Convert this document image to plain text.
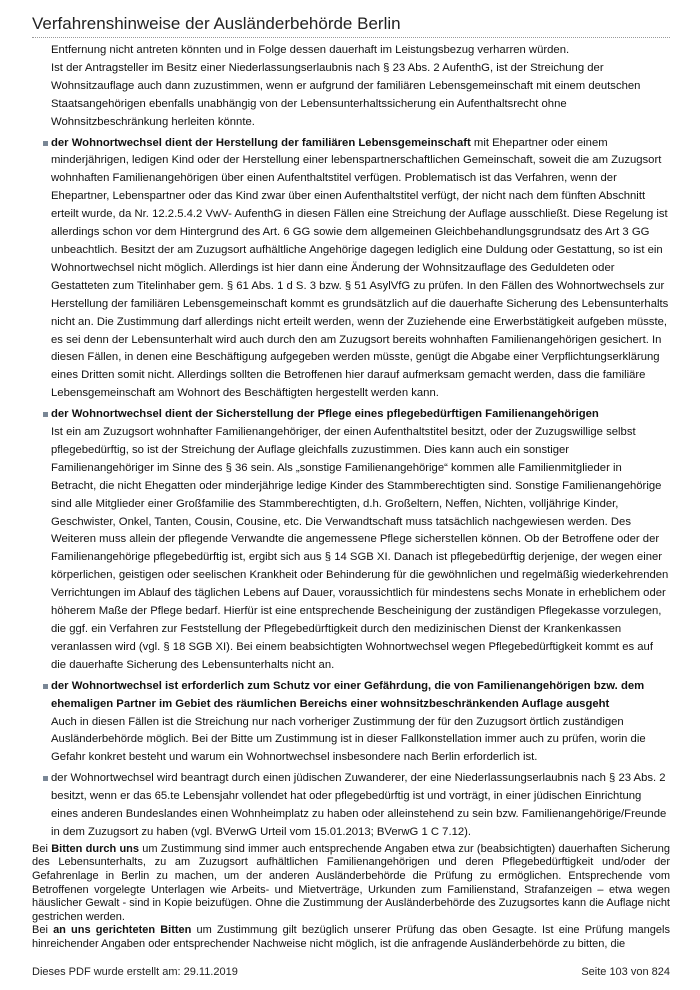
Verfahrenshinweise der Ausländerbehörde Berlin

Entfernung nicht antreten könnten und in Folge dessen dauerhaft im Leistungsbezug verharren würden.

Ist der Antragsteller im Besitz einer Niederlassungserlaubnis nach § 23 Abs. 2 AufenthG, ist der Streichung der Wohnsitzauflage auch dann zuzustimmen, wenn er aufgrund der familiären Lebensgemeinschaft mit einem deutschen Staatsangehörigen ebenfalls unabhängig von der Lebensunterhaltssicherung ein Aufenthaltsrecht ohne Wohnsitzbeschränkung herleiten könnte.

der Wohnortwechsel dient der Herstellung der familiären Lebensgemeinschaft mit Ehepartner oder einem minderjährigen, ledigen Kind oder der Herstellung einer lebenspartnerschaftlichen Gemeinschaft, soweit die am Zuzugsort wohnhaften Familienangehörigen über einen Aufenthaltstitel verfügen. Problematisch ist das Verfahren, wenn der Ehepartner, Lebenspartner oder das Kind zwar über einen Aufenthaltstitel verfügt, der nicht nach dem fünften Abschnitt erteilt wurde, da Nr. 12.2.5.4.2 VwV- AufenthG in diesen Fällen eine Streichung der Auflage ausschließt. Diese Regelung ist allerdings schon vor dem Hintergrund des Art. 6 GG sowie dem allgemeinen Gleichbehandlungsgrundsatz des Art 3 GG unbeachtlich. Besitzt der am Zuzugsort aufhältliche Angehörige dagegen lediglich eine Duldung oder Gestattung, so ist ein Wohnortwechsel nicht möglich. Allerdings ist hier dann eine Änderung der Wohnsitzauflage des Geduldeten oder Gestatteten zum Titelinhaber gem. § 61 Abs. 1 d S. 3 bzw. § 51 AsylVfG zu prüfen. In den Fällen des Wohnortwechsels zur Herstellung der familiären Lebensgemeinschaft kommt es grundsätzlich auf die dauerhafte Sicherung des Lebensunterhalts nicht an. Die Zustimmung darf allerdings nicht erteilt werden, wenn der Zuziehende eine Erwerbstätigkeit aufgeben müsste, es sei denn der Lebensunterhalt wird auch durch den am Zuzugsort bereits wohnhaften Familienangehörigen gesichert. In diesen Fällen, in denen eine Beschäftigung aufgegeben werden müsste, genügt die Abgabe einer Verpflichtungserklärung eines Dritten somit nicht. Allerdings sollten die Betroffenen hier darauf aufmerksam gemacht werden, dass die familiäre Lebensgemeinschaft am Wohnort des Beschäftigten hergestellt werden kann.

der Wohnortwechsel dient der Sicherstellung der Pflege eines pflegebedürftigen Familienangehörigen

Ist ein am Zuzugsort wohnhafter Familienangehöriger, der einen Aufenthaltstitel besitzt, oder der Zuzugswillige selbst pflegebedürftig, so ist der Streichung der Auflage gleichfalls zuzustimmen. Dies kann auch ein sonstiger Familienangehöriger im Sinne des § 36 sein. Als „sonstige Familienangehörige“ kommen alle Familienmitglieder in Betracht, die nicht Ehegatten oder minderjährige ledige Kinder des Stammberechtigten sind. Sonstige Familienangehörige sind alle Mitglieder einer Großfamilie des Stammberechtigten, d.h. Großeltern, Neffen, Nichten, volljährige Kinder, Geschwister, Onkel, Tanten, Cousin, Cousine, etc. Die Verwandtschaft muss tatsächlich nachgewiesen werden. Des Weiteren muss allein der pflegende Verwandte die angemessene Pflege sicherstellen können. Ob der Betroffene oder der Familienangehörige pflegebedürftig ist, ergibt sich aus § 14 SGB XI. Danach ist pflegebedürftig derjenige, der wegen einer körperlichen, geistigen oder seelischen Krankheit oder Behinderung für die gewöhnlichen und regelmäßig wiederkehrenden Verrichtungen im Ablauf des täglichen Lebens auf Dauer, voraussichtlich für mindestens sechs Monate in erheblichem oder höherem Maße der Pflege bedarf. Hierfür ist eine entsprechende Bescheinigung der zuständigen Pflegekasse vorzulegen, die ggf. ein Verfahren zur Feststellung der Pflegebedürftigkeit durch den medizinischen Dienst der Krankenkassen veranlassen wird (vgl. § 18 SGB XI). Bei einem beabsichtigten Wohnortwechsel wegen Pflegebedürftigkeit kommt es auf die dauerhafte Sicherung des Lebensunterhalts nicht an.

der Wohnortwechsel ist erforderlich zum Schutz vor einer Gefährdung, die von Familienangehörigen bzw. dem ehemaligen Partner im Gebiet des räumlichen Bereichs einer wohnsitzbeschränkenden Auflage ausgeht

Auch in diesen Fällen ist die Streichung nur nach vorheriger Zustimmung der für den Zuzugsort örtlich zuständigen Ausländerbehörde möglich. Bei der Bitte um Zustimmung ist in dieser Fallkonstellation immer auch zu prüfen, worin die Gefahr konkret besteht und warum ein Wohnortwechsel insbesondere nach Berlin erforderlich ist.

der Wohnortwechsel wird beantragt durch einen jüdischen Zuwanderer, der eine Niederlassungserlaubnis nach § 23 Abs. 2 besitzt, wenn er das 65.te Lebensjahr vollendet hat oder pflegebedürftig ist und vorträgt, in einer jüdischen Einrichtung eines anderen Bundeslandes einen Wohnheimplatz zu haben oder alleinstehend zu sein bzw. Familienangehörige/Freunde in dem Zuzugsort zu haben (vgl. BVerwG Urteil vom 15.01.2013; BVerwG 1 C 7.12).

Bei Bitten durch uns um Zustimmung sind immer auch entsprechende Angaben etwa zur (beabsichtigten) dauerhaften Sicherung des Lebensunterhalts, zu am Zuzugsort aufhältlichen Familienangehörigen und deren Pflegebedürftigkeit und/oder der Gefahrenlage in Berlin zu machen, um der anderen Ausländerbehörde die Prüfung zu ermöglichen. Entsprechende vom Betroffenen vorgelegte Unterlagen wie Arbeits- und Mietverträge, Urkunden zum Familienstand, Strafanzeigen – etwa wegen häuslicher Gewalt - sind in Kopie beizufügen. Ohne die Zustimmung der Ausländerbehörde des Zuzugsortes kann die Auflage nicht gestrichen werden.

Bei an uns gerichteten Bitten um Zustimmung gilt bezüglich unserer Prüfung das oben Gesagte. Ist eine Prüfung mangels hinreichender Angaben oder entsprechender Nachweise nicht möglich, ist die anfragende Ausländerbehörde zu bitten, die

Dieses PDF wurde erstellt am: 29.11.2019	Seite 103 von 824
